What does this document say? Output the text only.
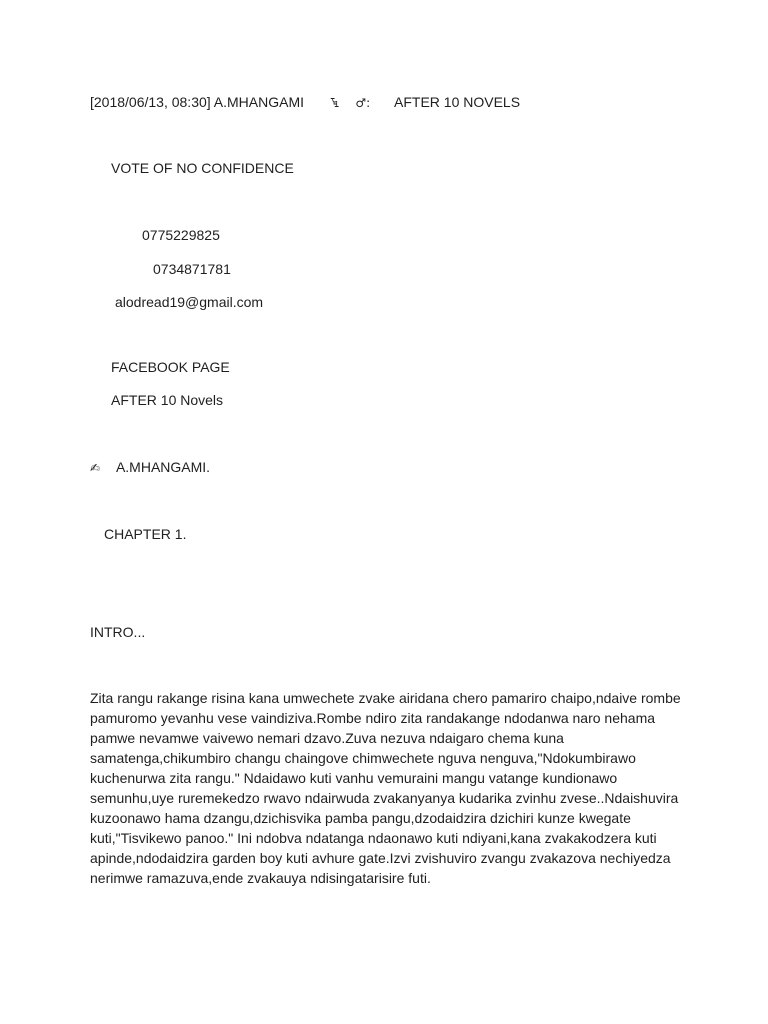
[2018/06/13, 08:30] A.MHANGAMI ꔃ ♂: AFTER 10 NOVELS
VOTE OF NO CONFIDENCE
0775229825
0734871781
alodread19@gmail.com
FACEBOOK PAGE
AFTER 10 Novels
✍ A.MHANGAMI.
CHAPTER 1.
INTRO...
Zita rangu rakange risina kana umwechete zvake airidana chero pamariro chaipo,ndaive rombe
pamuromo yevanhu vese vaindiziva.Rombe ndiro zita randakange ndodanwa naro nehama
pamwe nevamwe vaivewo nemari dzavo.Zuva nezuva ndaigaro chema kuna
samatenga,chikumbiro changu chaingove chimwechete nguva nenguva,"Ndokumbirawo
kuchenurwa zita rangu." Ndaidawo kuti vanhu vemuraini mangu vatange kundionawo
semunhu,uye ruremekedzo rwavo ndairwuda zvakanyanya kudarika zvinhu zvese..Ndaishuvira
kuzoonawo hama dzangu,dzichisvika pamba pangu,dzodaidzira dzichiri kunze kwegate
kuti,"Tisvikewo panoo." Ini ndobva ndatanga ndaonawo kuti ndiyani,kana zvakakodzera kuti
apinde,ndodaidzira garden boy kuti avhure gate.Izvi zvishuviro zvangu zvakazova nechiyedza
nerimwe ramazuva,ende zvakauya ndisingatarisire futi.
